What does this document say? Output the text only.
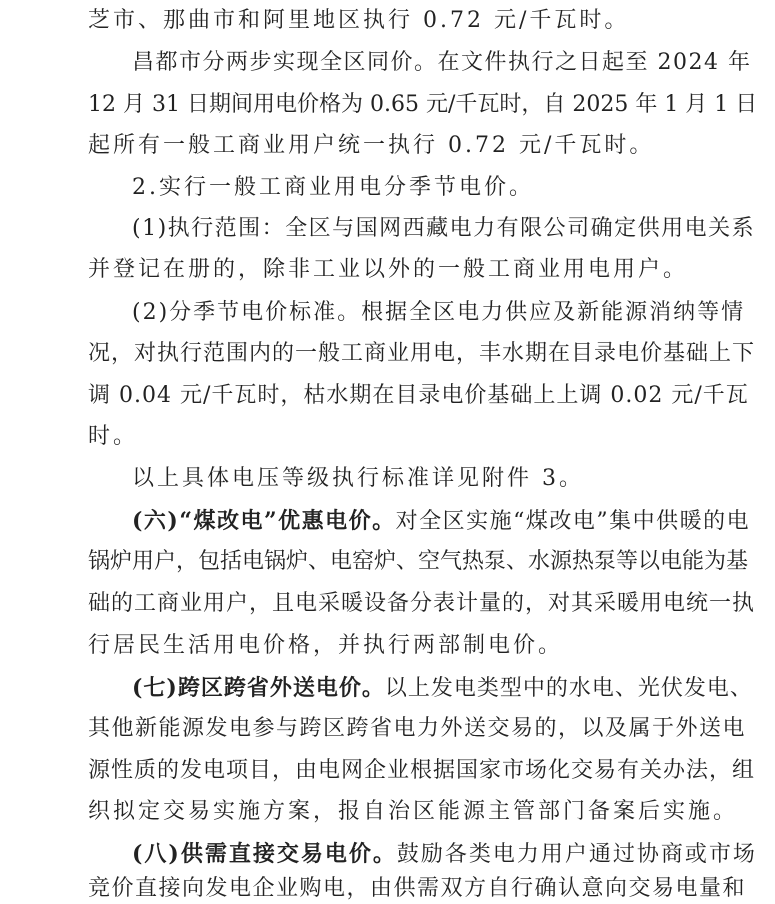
芝市、那曲市和阿里地区执行 0.72 元/千瓦时。
昌都市分两步实现全区同价。在文件执行之日起至 2024 年
12 月 31 日期间用电价格为 0.65 元/千瓦时，自 2025 年 1 月 1 日
起所有一般工商业用户统一执行 0.72 元/千瓦时。
2.实行一般工商业用电分季节电价。
(1)执行范围：全区与国网西藏电力有限公司确定供用电关系
并登记在册的，除非工业以外的一般工商业用电用户。
(2)分季节电价标准。根据全区电力供应及新能源消纳等情
况，对执行范围内的一般工商业用电，丰水期在目录电价基础上下
调 0.04 元/千瓦时，枯水期在目录电价基础上上调 0.02 元/千瓦
时。
以上具体电压等级执行标准详见附件 3。
(六)“煤改电”优惠电价。对全区实施“煤改电”集中供暖的电
锅炉用户，包括电锅炉、电窑炉、空气热泵、水源热泵等以电能为基
础的工商业用户，且电采暖设备分表计量的，对其采暖用电统一执
行居民生活用电价格，并执行两部制电价。
(七)跨区跨省外送电价。以上发电类型中的水电、光伏发电、
其他新能源发电参与跨区跨省电力外送交易的，以及属于外送电
源性质的发电项目，由电网企业根据国家市场化交易有关办法，组
织拟定交易实施方案，报自治区能源主管部门备案后实施。
(八)供需直接交易电价。鼓励各类电力用户通过协商或市场
竞价直接向发电企业购电，由供需双方自行确认意向交易电量和
